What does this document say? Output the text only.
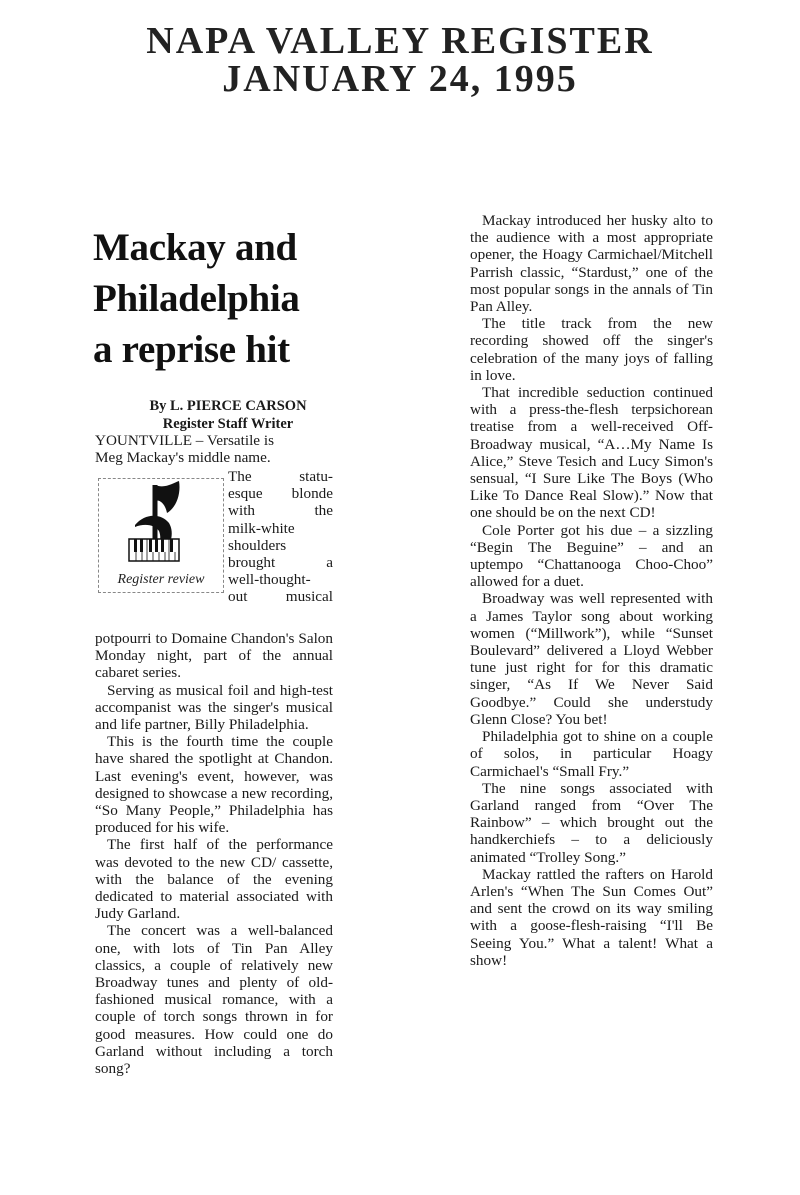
NAPA VALLEY REGISTER

JANUARY 24, 1995
Mackay and
Philadelphia
a reprise hit
By L. PIERCE CARSON
Register Staff Writer

YOUNTVILLE – Versatile is

Meg Mackay's middle name.

Register review
The statu-
esque blonde
with the
milk-white
shoulders
brought a
well-thought-
out musical

potpourri to Domaine Chandon's Salon Monday night, part of the annual cabaret series.

Serving as musical foil and high-test accompanist was the singer's musical and life partner, Billy Philadelphia.

This is the fourth time the couple have shared the spotlight at Chandon. Last evening's event, however, was designed to showcase a new recording, “So Many People,” Philadelphia has produced for his wife.

The first half of the performance was devoted to the new CD/ cassette, with the balance of the evening dedicated to material associated with Judy Garland.

The concert was a well-balanced one, with lots of Tin Pan Alley classics, a couple of relatively new Broadway tunes and plenty of old-fashioned musical romance, with a couple of torch songs thrown in for good measures. How could one do Garland without including a torch song?

Mackay introduced her husky alto to the audience with a most appropriate opener, the Hoagy Carmichael/Mitchell Parrish classic, “Stardust,” one of the most popular songs in the annals of Tin Pan Alley.

The title track from the new recording showed off the singer's celebration of the many joys of falling in love.

That incredible seduction continued with a press-the-flesh terpsichorean treatise from a well-received Off-Broadway musical, “A…My Name Is Alice,” Steve Tesich and Lucy Simon's sensual, “I Sure Like The Boys (Who Like To Dance Real Slow).” Now that one should be on the next CD!

Cole Porter got his due – a sizzling “Begin The Beguine” – and an uptempo “Chattanooga Choo-Choo” allowed for a duet.

Broadway was well represented with a James Taylor song about working women (“Millwork”), while “Sunset Boulevard” delivered a Lloyd Webber tune just right for for this dramatic singer, “As If We Never Said Goodbye.” Could she understudy Glenn Close? You bet!

Philadelphia got to shine on a couple of solos, in particular Hoagy Carmichael's “Small Fry.”

The nine songs associated with Garland ranged from “Over The Rainbow” – which brought out the handkerchiefs – to a deliciously animated “Trolley Song.”

Mackay rattled the rafters on Harold Arlen's “When The Sun Comes Out” and sent the crowd on its way smiling with a goose-flesh-raising “I'll Be Seeing You.” What a talent! What a show!
